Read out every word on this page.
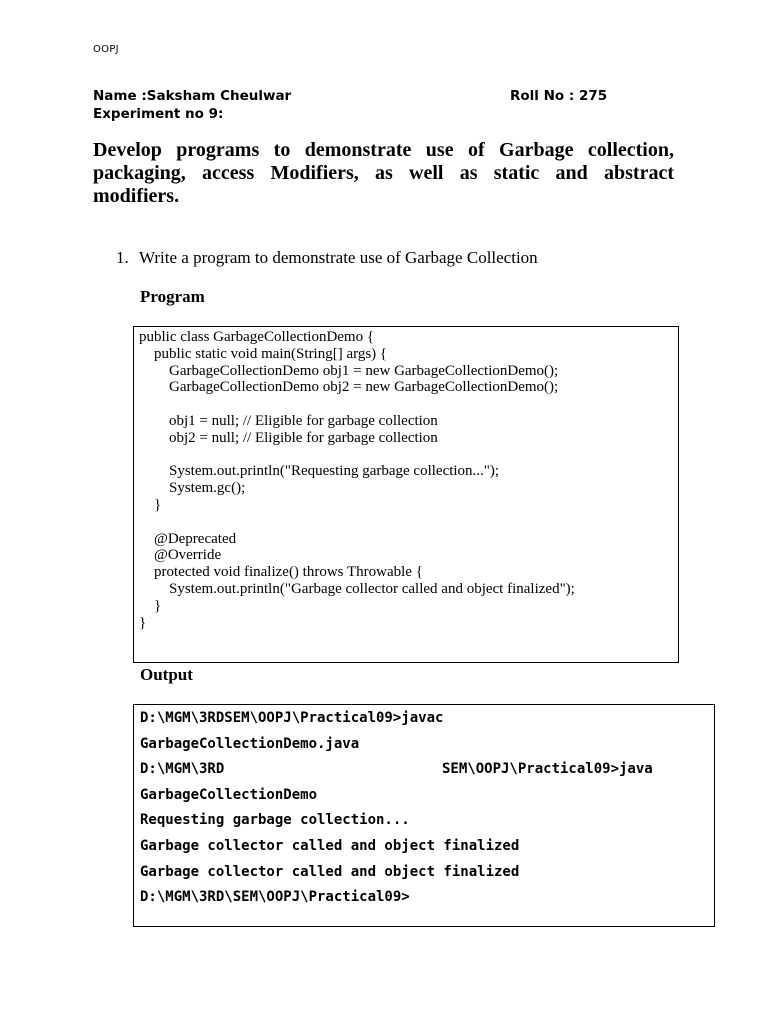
OOPJ
Name :Saksham Cheulwar	Roll No : 275
Experiment no 9:

Develop programs to demonstrate use of Garbage collection, packaging, access Modifiers, as well as static and abstract modifiers.

1. Write a program to demonstrate use of Garbage Collection
Program
public class GarbageCollectionDemo {
public static void main(String[] args) {
GarbageCollectionDemo obj1 = new GarbageCollectionDemo();
GarbageCollectionDemo obj2 = new GarbageCollectionDemo();
obj1 = null; // Eligible for garbage collection
obj2 = null; // Eligible for garbage collection
System.out.println("Requesting garbage collection...");
System.gc();
}
@Deprecated
@Override
protected void finalize() throws Throwable {
System.out.println("Garbage collector called and object finalized");
}
}
Output
D:\MGM\3RDSEM\OOPJ\Practical09>javac
GarbageCollectionDemo.java
D:\MGM\3RD	SEM\OOPJ\Practical09>java
GarbageCollectionDemo
Requesting garbage collection...
Garbage collector called and object finalized
Garbage collector called and object finalized
D:\MGM\3RD\SEM\OOPJ\Practical09>
